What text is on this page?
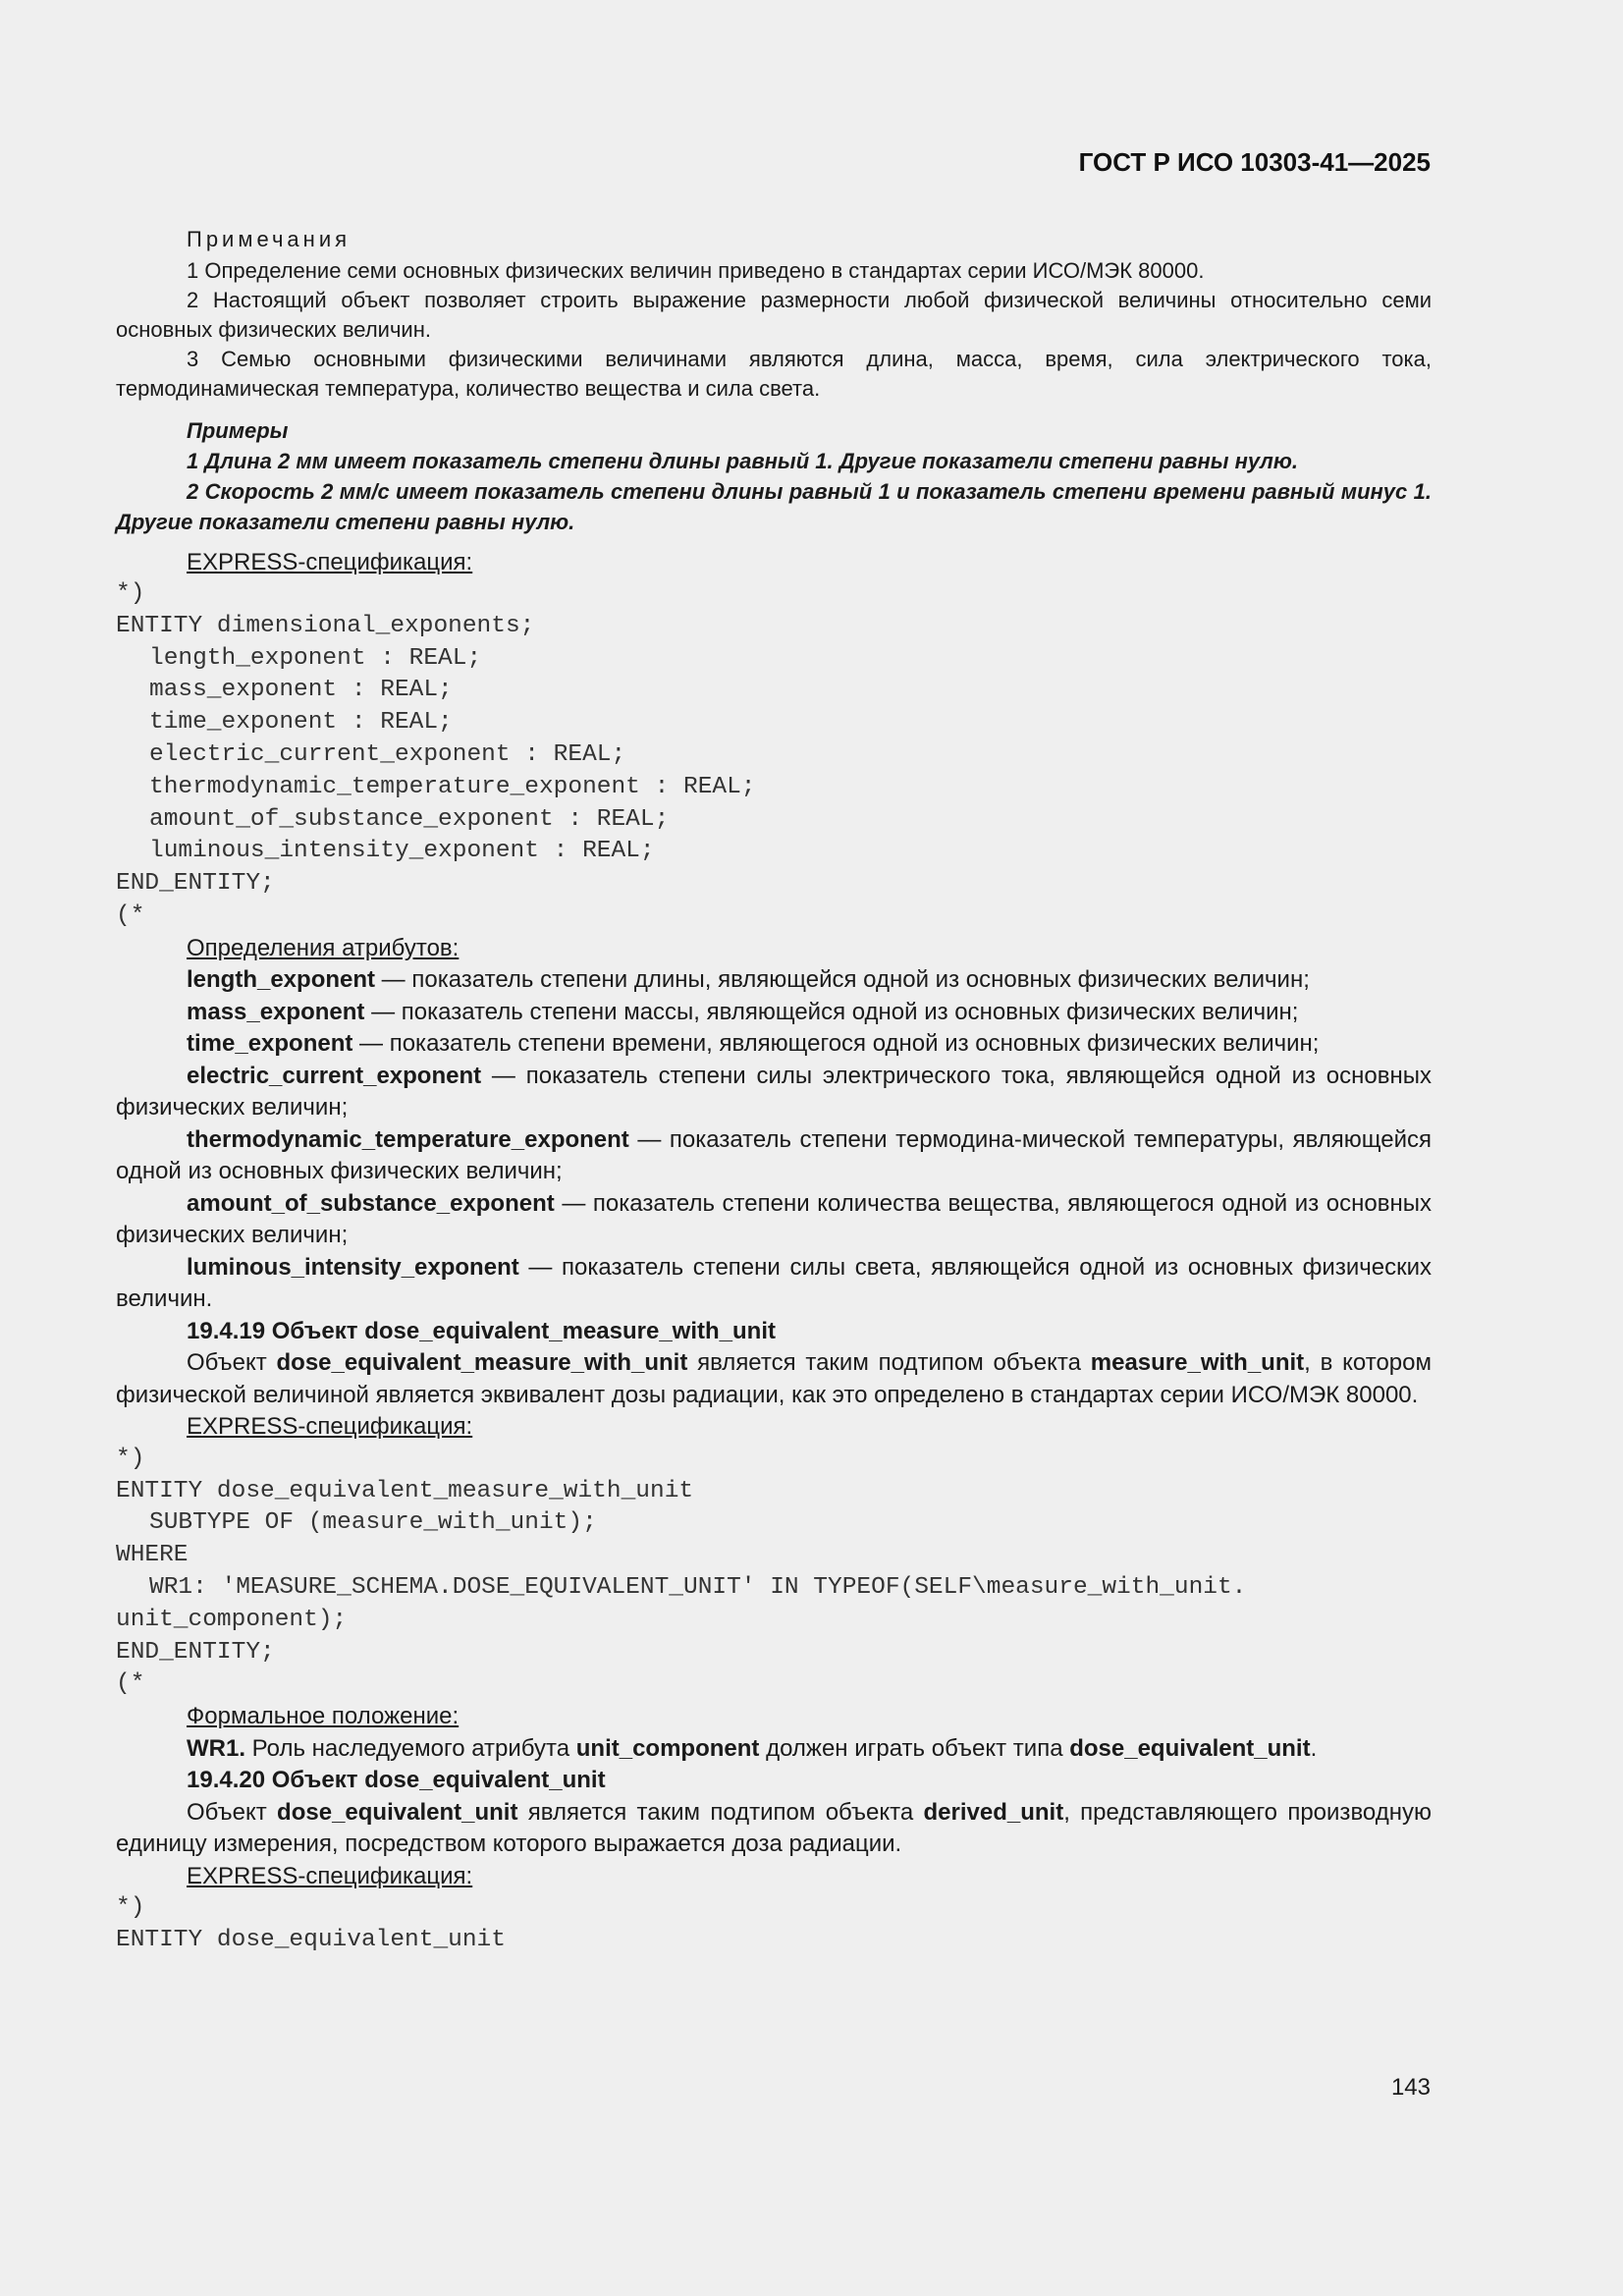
ГОСТ Р ИСО 10303-41—2025

Примечания

1 Определение семи основных физических величин приведено в стандартах серии ИСО/МЭК 80000.

2 Настоящий объект позволяет строить выражение размерности любой физической величины относительно семи основных физических величин.

3 Семью основными физическими величинами являются длина, масса, время, сила электрического тока, термодинамическая температура, количество вещества и сила света.

Примеры

1 Длина 2 мм имеет показатель степени длины равный 1. Другие показатели степени равны нулю.

2 Скорость 2 мм/с имеет показатель степени длины равный 1 и показатель степени времени равный минус 1. Другие показатели степени равны нулю.

EXPRESS-спецификация:

*)
ENTITY dimensional_exponents;
length_exponent : REAL;
mass_exponent : REAL;
time_exponent : REAL;
electric_current_exponent : REAL;
thermodynamic_temperature_exponent : REAL;
amount_of_substance_exponent : REAL;
luminous_intensity_exponent : REAL;
END_ENTITY;
(*

Определения атрибутов:

length_exponent — показатель степени длины, являющейся одной из основных физических величин;

mass_exponent — показатель степени массы, являющейся одной из основных физических величин;

time_exponent — показатель степени времени, являющегося одной из основных физических величин;

electric_current_exponent — показатель степени силы электрического тока, являющейся одной из основных физических величин;

thermodynamic_temperature_exponent — показатель степени термодина-мической температуры, являющейся одной из основных физических величин;

amount_of_substance_exponent — показатель степени количества вещества, являющегося одной из основных физических величин;

luminous_intensity_exponent — показатель степени силы света, являющейся одной из основных физических величин.

19.4.19 Объект dose_equivalent_measure_with_unit

Объект dose_equivalent_measure_with_unit является таким подтипом объекта measure_with_unit, в котором физической величиной является эквивалент дозы радиации, как это определено в стандартах серии ИСО/МЭК 80000.

EXPRESS-спецификация:

*)
ENTITY dose_equivalent_measure_with_unit
SUBTYPE OF (measure_with_unit);
WHERE
WR1: 'MEASURE_SCHEMA.DOSE_EQUIVALENT_UNIT' IN TYPEOF(SELF\measure_with_unit.
unit_component);
END_ENTITY;
(*

Формальное положение:

WR1. Роль наследуемого атрибута unit_component должен играть объект типа dose_equivalent_unit.

19.4.20 Объект dose_equivalent_unit

Объект dose_equivalent_unit является таким подтипом объекта derived_unit, представляющего производную единицу измерения, посредством которого выражается доза радиации.

EXPRESS-спецификация:

*)
ENTITY dose_equivalent_unit
143
